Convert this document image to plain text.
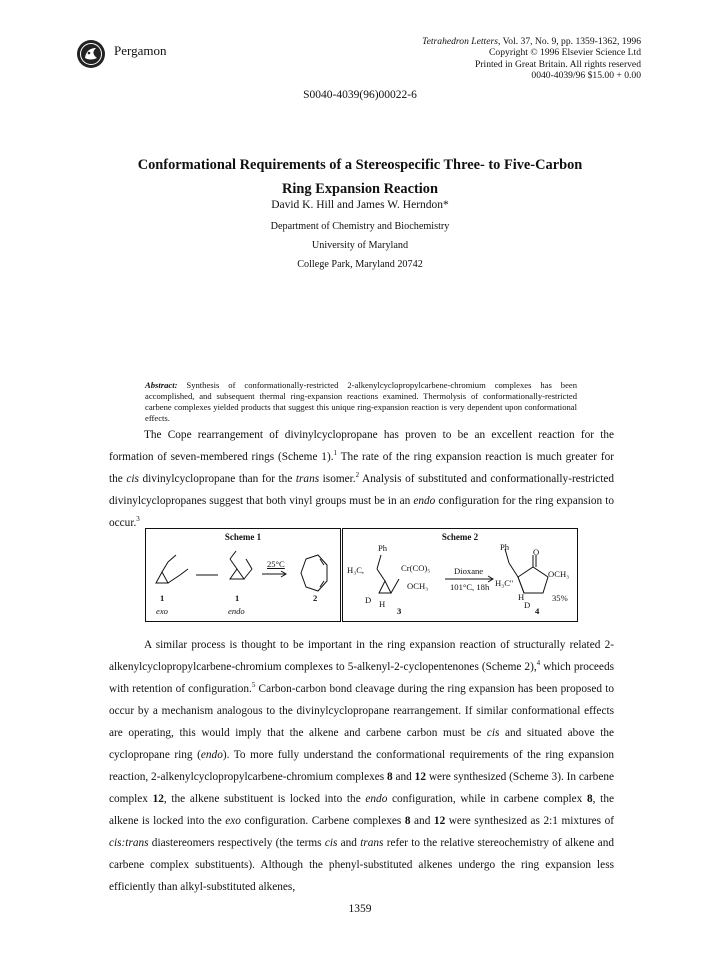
Pergamon
Tetrahedron Letters, Vol. 37, No. 9, pp. 1359-1362, 1996
Copyright © 1996 Elsevier Science Ltd
Printed in Great Britain. All rights reserved
0040-4039/96 $15.00 + 0.00
S0040-4039(96)00022-6
Conformational Requirements of a Stereospecific Three- to Five-Carbon
Ring Expansion Reaction
David K. Hill and James W. Herndon*
Department of Chemistry and Biochemistry
University of Maryland
College Park, Maryland 20742
Abstract: Synthesis of conformationally-restricted 2-alkenylcyclopropylcarbene-chromium complexes has been accomplished, and subsequent thermal ring-expansion reactions examined. Thermolysis of conformationally-restricted carbene complexes yielded products that suggest this unique ring-expansion reaction is very dependent upon conformational effects.
The Cope rearrangement of divinylcyclopropane has proven to be an excellent reaction for the formation of seven-membered rings (Scheme 1).$^1$ The rate of the ring expansion reaction is much greater for the cis divinylcyclopropane than for the trans isomer.$^2$ Analysis of substituted and conformationally-restricted divinylcyclopropanes suggest that both vinyl groups must be in an endo configuration for the ring expansion to occur.$^3$
Scheme 1
25°C
1	1	2
exo	endo
Scheme 2
Ph	Ph	O
H₃C,	Cr(CO)₅
OCH₃
Dioxane
101°C, 18h H₃C''
OCH₃
D H
H
D
35%
3	4
A similar process is thought to be important in the ring expansion reaction of structurally related 2-alkenylcyclopropylcarbene-chromium complexes to 5-alkenyl-2-cyclopentenones (Scheme 2),$^4$ which proceeds with retention of configuration.$^5$ Carbon-carbon bond cleavage during the ring expansion has been proposed to occur by a mechanism analogous to the divinylcyclopropane rearrangement. If similar conformational effects are operating, this would imply that the alkene and carbene carbon must be cis and situated above the cyclopropane ring (endo). To more fully understand the conformational requirements of the ring expansion reaction, 2-alkenylcyclopropylcarbene-chromium complexes 8 and 12 were synthesized (Scheme 3). In carbene complex 12, the alkene substituent is locked into the endo configuration, while in carbene complex 8, the alkene is locked into the exo configuration. Carbene complexes 8 and 12 were synthesized as 2:1 mixtures of cis:trans diastereomers respectively (the terms cis and trans refer to the relative stereochemistry of alkene and carbene complex substituents). Although the phenyl-substituted alkenes undergo the ring expansion less efficiently than alkyl-substituted alkenes,
1359
